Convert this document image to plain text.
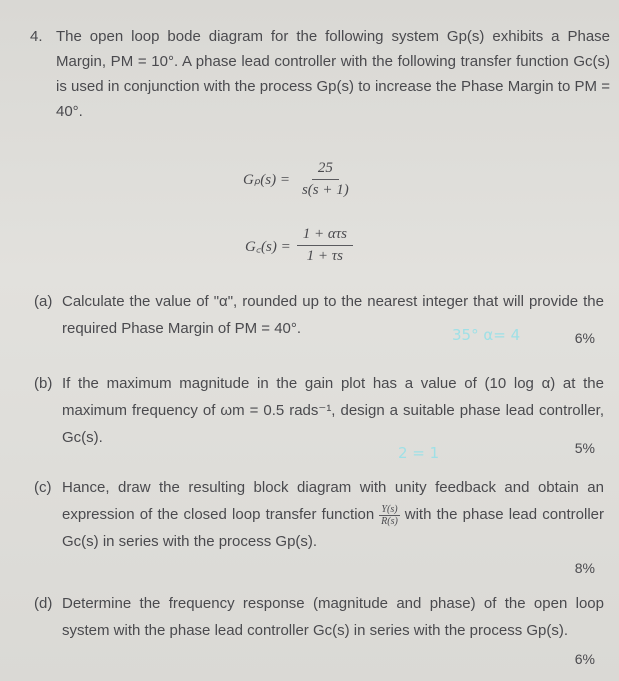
4. The open loop bode diagram for the following system Gp(s) exhibits a Phase Margin, PM = 10°. A phase lead controller with the following transfer function Gc(s) is used in conjunction with the process Gp(s) to increase the Phase Margin to PM = 40°.
$G_p(s) = \frac{25}{s(s + 1)}$
G꜀(s) = $\frac{\text{1 + ατs}}{1 + \tau s}$
(a) Calculate the value of "α", rounded up to the nearest integer that will provide the required Phase Margin of PM = 40°.	35° α= 4	6%
(b) If the maximum magnitude in the gain plot has a value of (10 log α) at the maximum frequency of ωm = 0.5 rads⁻¹, design a suitable phase lead controller, Gc(s).
2 = 1	5%
(c) Hance, draw the resulting block diagram with unity feedback and obtain an expression of the closed loop transfer function $\frac{Y(s)}{R(s)}$ with the phase lead controller Gc(s) in series with the process Gp(s).
8%
(d) Determine the frequency response (magnitude and phase) of the open loop system with the phase lead controller Gc(s) in series with the process Gp(s).
6%
